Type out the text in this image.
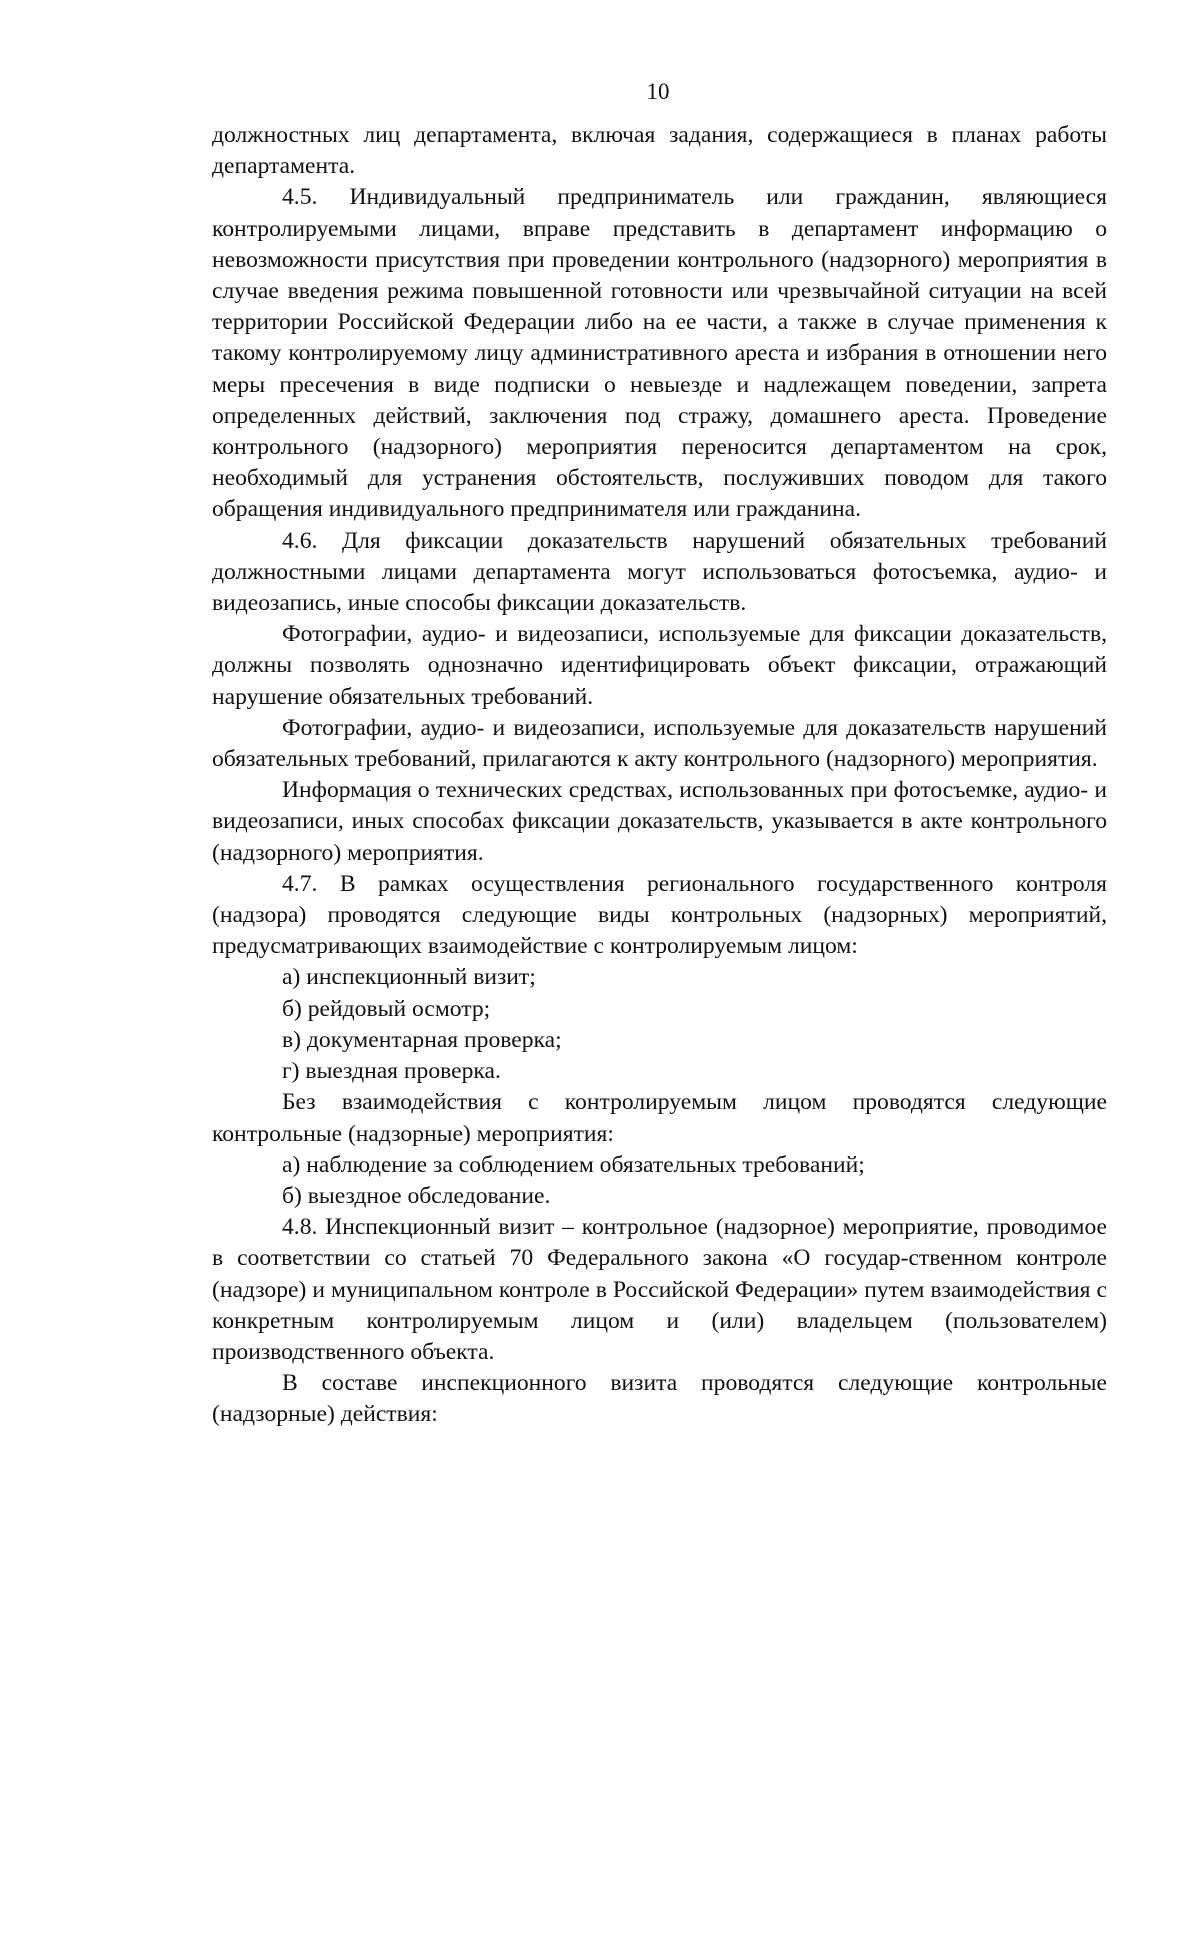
10

должностных лиц департамента, включая задания, содержащиеся в планах работы департамента.

4.5. Индивидуальный предприниматель или гражданин, являющиеся контролируемыми лицами, вправе представить в департамент информацию о невозможности присутствия при проведении контрольного (надзорного) мероприятия в случае введения режима повышенной готовности или чрезвычайной ситуации на всей территории Российской Федерации либо на ее части, а также в случае применения к такому контролируемому лицу административного ареста и избрания в отношении него меры пресечения в виде подписки о невыезде и надлежащем поведении, запрета определенных действий, заключения под стражу, домашнего ареста. Проведение контрольного (надзорного) мероприятия переносится департаментом на срок, необходимый для устранения обстоятельств, послуживших поводом для такого обращения индивидуального предпринимателя или гражданина.

4.6. Для фиксации доказательств нарушений обязательных требований должностными лицами департамента могут использоваться фотосъемка, аудио- и видеозапись, иные способы фиксации доказательств.

Фотографии, аудио- и видеозаписи, используемые для фиксации доказательств, должны позволять однозначно идентифицировать объект фиксации, отражающий нарушение обязательных требований.

Фотографии, аудио- и видеозаписи, используемые для доказательств нарушений обязательных требований, прилагаются к акту контрольного (надзорного) мероприятия.

Информация о технических средствах, использованных при фотосъемке, аудио- и видеозаписи, иных способах фиксации доказательств, указывается в акте контрольного (надзорного) мероприятия.

4.7. В рамках осуществления регионального государственного контроля (надзора) проводятся следующие виды контрольных (надзорных) мероприятий, предусматривающих взаимодействие с контролируемым лицом:

а) инспекционный визит;

б) рейдовый осмотр;

в) документарная проверка;

г) выездная проверка.

Без взаимодействия с контролируемым лицом проводятся следующие контрольные (надзорные) мероприятия:

а) наблюдение за соблюдением обязательных требований;

б) выездное обследование.

4.8. Инспекционный визит – контрольное (надзорное) мероприятие, проводимое в соответствии со статьей 70 Федерального закона «О государ-ственном контроле (надзоре) и муниципальном контроле в Российской Федерации» путем взаимодействия с конкретным контролируемым лицом и (или) владельцем (пользователем) производственного объекта.

В составе инспекционного визита проводятся следующие контрольные (надзорные) действия:
